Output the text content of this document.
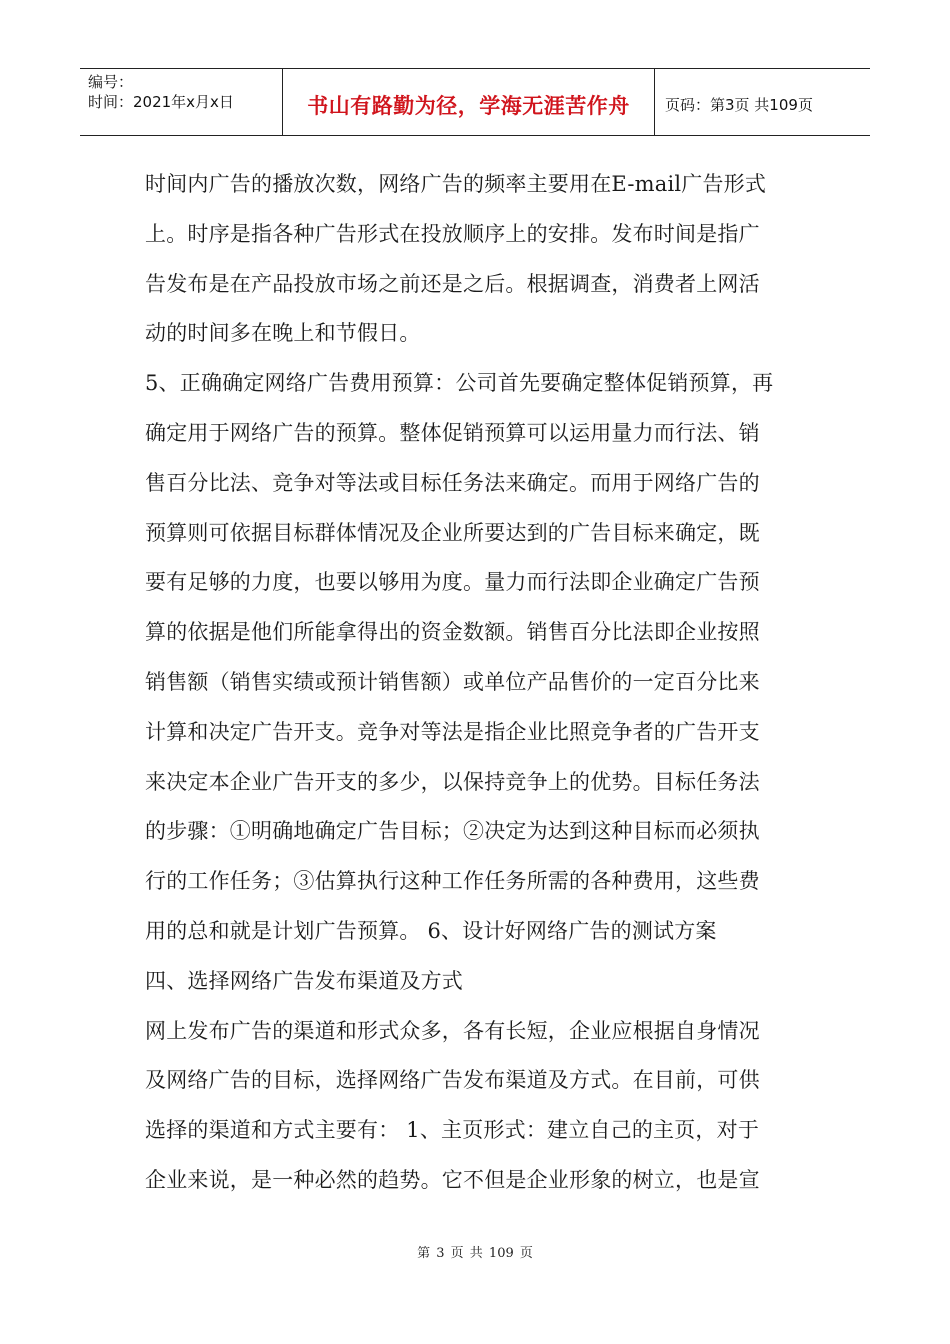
编号：
时间：2021年x月x日	书山有路勤为径，学海无涯苦作舟	页码：第3页 共109页
时间内广告的播放次数，网络广告的频率主要用在E-mail广告形式
上。时序是指各种广告形式在投放顺序上的安排。发布时间是指广
告发布是在产品投放市场之前还是之后。根据调查，消费者上网活
动的时间多在晚上和节假日。
5、正确确定网络广告费用预算：公司首先要确定整体促销预算，再
确定用于网络广告的预算。整体促销预算可以运用量力而行法、销
售百分比法、竞争对等法或目标任务法来确定。而用于网络广告的
预算则可依据目标群体情况及企业所要达到的广告目标来确定，既
要有足够的力度，也要以够用为度。量力而行法即企业确定广告预
算的依据是他们所能拿得出的资金数额。销售百分比法即企业按照
销售额（销售实绩或预计销售额）或单位产品售价的一定百分比来
计算和决定广告开支。竞争对等法是指企业比照竞争者的广告开支
来决定本企业广告开支的多少，以保持竞争上的优势。目标任务法
的步骤：①明确地确定广告目标；②决定为达到这种目标而必须执
行的工作任务；③估算执行这种工作任务所需的各种费用，这些费
用的总和就是计划广告预算。 6、设计好网络广告的测试方案
四、选择网络广告发布渠道及方式
网上发布广告的渠道和形式众多，各有长短，企业应根据自身情况
及网络广告的目标，选择网络广告发布渠道及方式。在目前，可供
选择的渠道和方式主要有： 1、主页形式：建立自己的主页，对于
企业来说，是一种必然的趋势。它不但是企业形象的树立，也是宣
第 3 页 共 109 页
